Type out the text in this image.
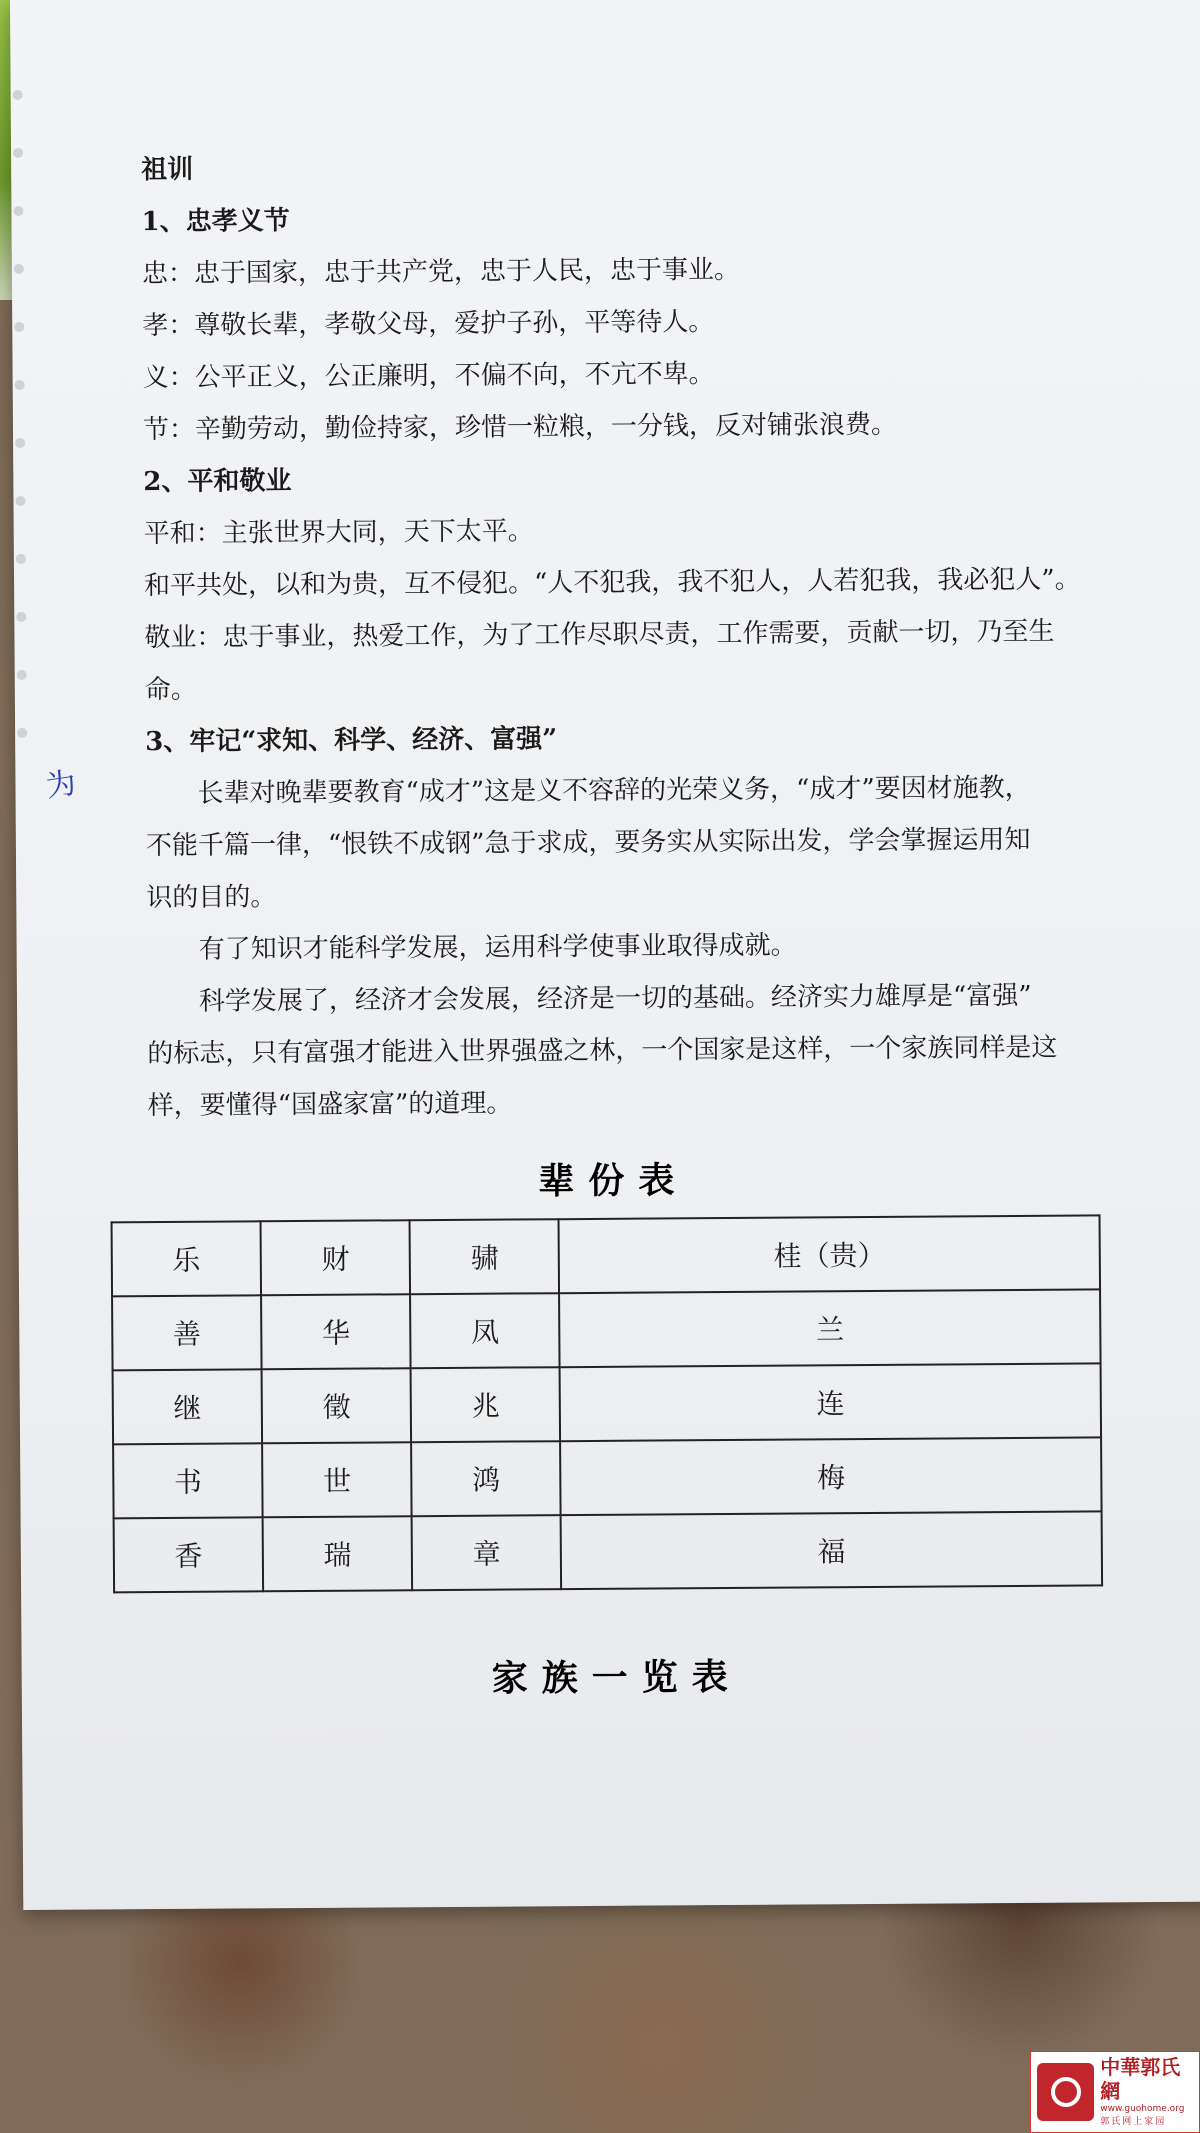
为

祖训

1、忠孝义节

忠：忠于国家，忠于共产党，忠于人民，忠于事业。

孝：尊敬长辈，孝敬父母，爱护子孙，平等待人。

义：公平正义，公正廉明，不偏不向，不亢不卑。

节：辛勤劳动，勤俭持家，珍惜一粒粮，一分钱，反对铺张浪费。

2、平和敬业

平和：主张世界大同，天下太平。

和平共处，以和为贵，互不侵犯。“人不犯我，我不犯人，人若犯我，我必犯人”。

敬业：忠于事业，热爱工作，为了工作尽职尽责，工作需要，贡献一切，乃至生

命。

3、牢记“求知、科学、经济、富强”

长辈对晚辈要教育“成才”这是义不容辞的光荣义务，“成才”要因材施教，

不能千篇一律，“恨铁不成钢”急于求成，要务实从实际出发，学会掌握运用知

识的目的。

有了知识才能科学发展，运用科学使事业取得成就。

科学发展了，经济才会发展，经济是一切的基础。经济实力雄厚是“富强”

的标志，只有富强才能进入世界强盛之林，一个国家是这样，一个家族同样是这

样，要懂得“国盛家富”的道理。

辈份表
乐	财	骕	桂（贵）
善	华	凤	兰
继	徵	兆	连
书	世	鸿	梅
香	瑞	章	福
家族一览表
中華郭氏網
www.guohome.org
郭氏网上家园
